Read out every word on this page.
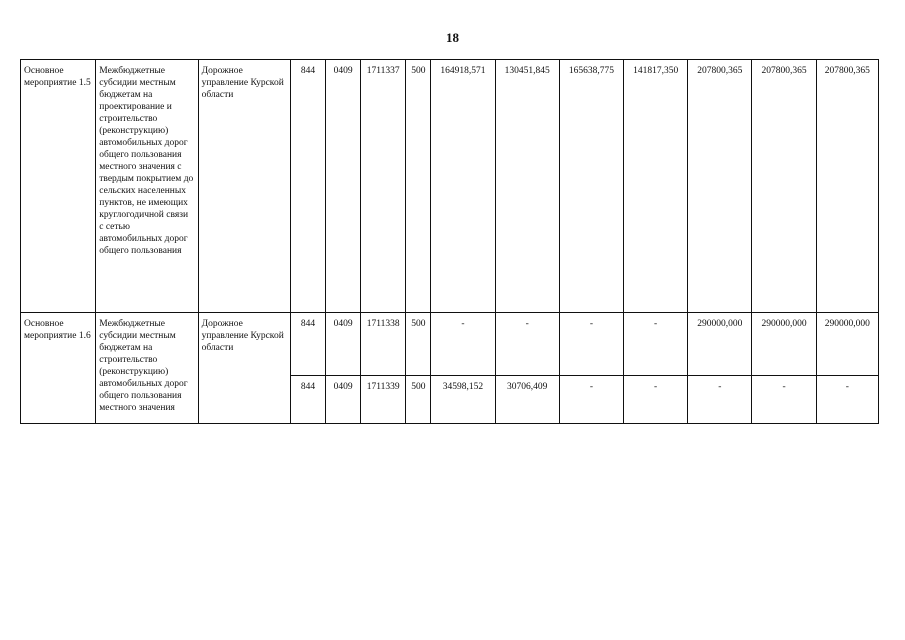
18
Основное мероприятие 1.5	Межбюджетные субсидии местным бюджетам на проектирование и строительство (реконструкцию) автомобильных дорог общего пользования местного значения с твердым покрытием до сельских населенных пунктов, не имеющих круглогодичной связи с сетью автомобильных дорог общего пользования	Дорожное управление Курской области	844	0409	1711337	500	164918,571	130451,845	165638,775	141817,350	207800,365	207800,365	207800,365
Основное мероприятие 1.6	Межбюджетные субсидии местным бюджетам на строительство (реконструкцию) автомобильных дорог общего пользования местного значения	Дорожное управление Курской области	844	0409	1711338	500	-	-	-	-	290000,000	290000,000	290000,000
			844	0409	1711339	500	34598,152	30706,409	-	-	-	-	-
